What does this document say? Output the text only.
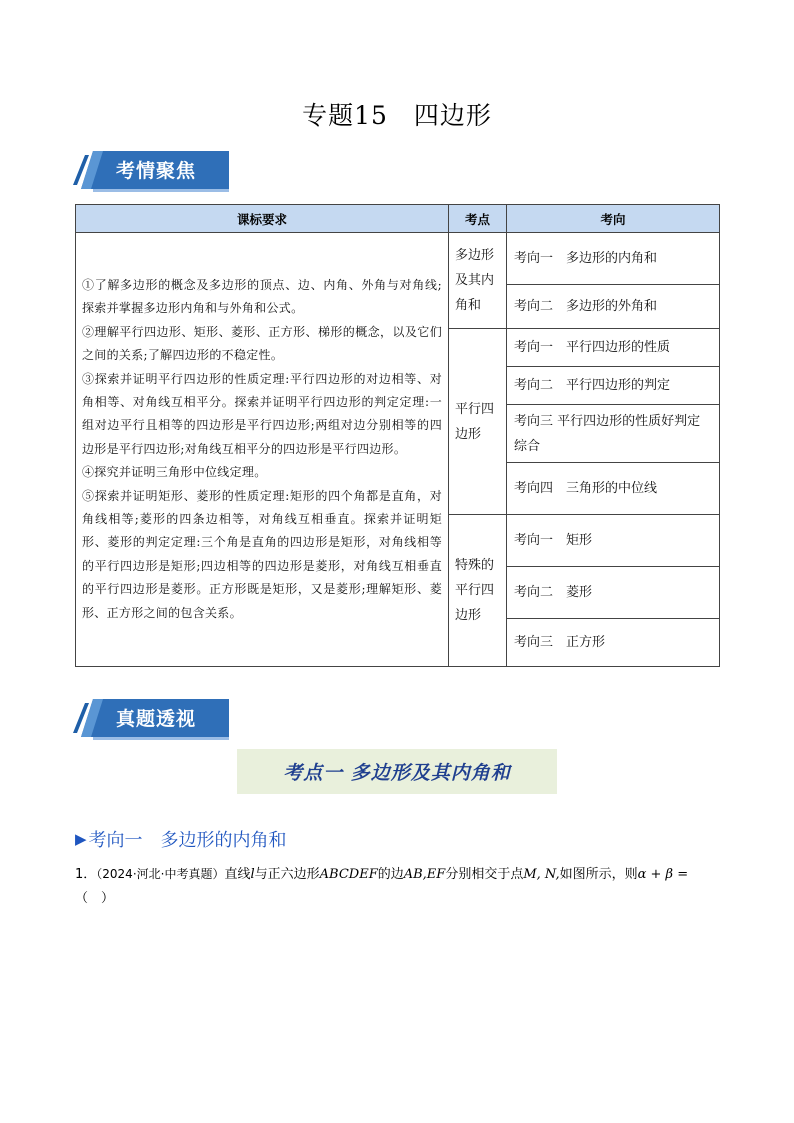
专题15　四边形
考情聚焦
课标要求	考点	考向

①了解多边形的概念及多边形的顶点、边、内角、外角与对角线;探索并掌握多边形内角和与外角和公式。

②理解平行四边形、矩形、菱形、正方形、梯形的概念，以及它们之间的关系;了解四边形的不稳定性。

③探索并证明平行四边形的性质定理:平行四边形的对边相等、对角相等、对角线互相平分。探索并证明平行四边形的判定定理:一组对边平行且相等的四边形是平行四边形;两组对边分别相等的四边形是平行四边形;对角线互相平分的四边形是平行四边形。

④探究并证明三角形中位线定理。

⑤探索并证明矩形、菱形的性质定理:矩形的四个角都是直角，对角线相等;菱形的四条边相等，对角线互相垂直。探索并证明矩形、菱形的判定定理:三个角是直角的四边形是矩形，对角线相等的平行四边形是矩形;四边相等的四边形是菱形，对角线互相垂直的平行四边形是菱形。正方形既是矩形，又是菱形;理解矩形、菱形、正方形之间的包含关系。	多边形及其内角和	考向一　多边形的内角和
		考向二　多边形的外角和
	平行四边形	考向一　平行四边形的性质
		考向二　平行四边形的判定
		考向三 平行四边形的性质好判定综合
		考向四　三角形的中位线
	特殊的平行四边形	考向一　矩形
		考向二　菱形
		考向三　正方形
真题透视
考点一 多边形及其内角和
▶ 考向一　多边形的内角和
1．（2024·河北·中考真题）直线l与正六边形ABCDEF的边AB,EF分别相交于点M, N,如图所示，则α + β =
（　）
